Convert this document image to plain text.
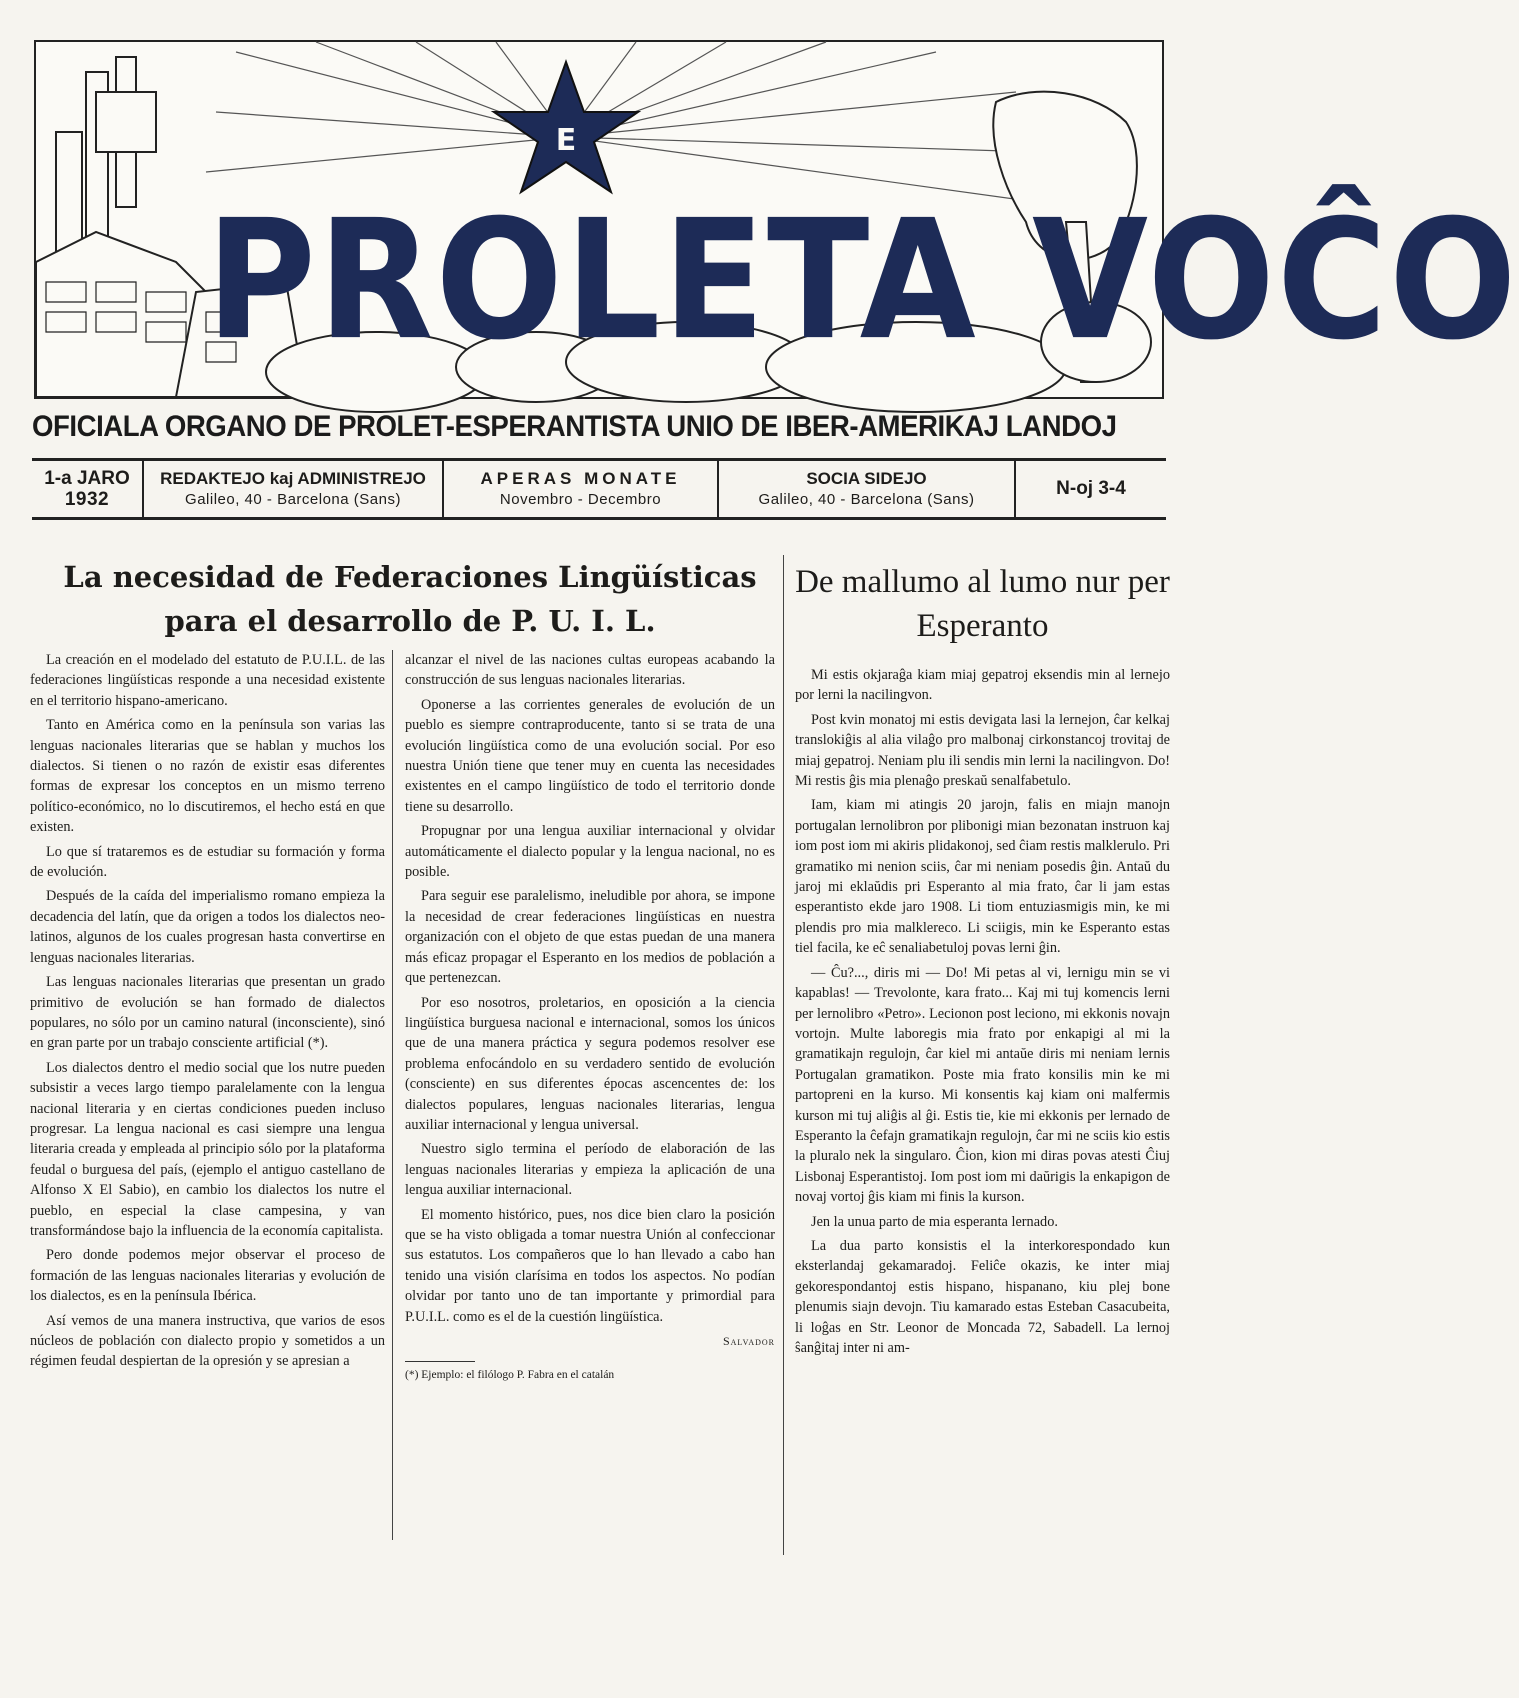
E
PROLETA VOĈO
OFICIALA ORGANO DE PROLET-ESPERANTISTA UNIO DE IBER-AMERIKAJ LANDOJ
1-a JARO
1932
REDAKTEJO kaj ADMINISTREJO
Galileo, 40 - Barcelona (Sans)
APERAS MONATE
Novembro - Decembro
SOCIA SIDEJO
Galileo, 40 - Barcelona (Sans)
N-oj 3-4
La necesidad de Federaciones Lingüísticas para el desarrollo de P. U. I. L.

La creación en el modelado del estatuto de P.U.I.L. de las federaciones lingüísticas responde a una necesidad existente en el territorio hispano-americano.

Tanto en América como en la península son varias las lenguas nacionales literarias que se hablan y muchos los dialectos. Si tienen o no razón de existir esas diferentes formas de expresar los conceptos en un mismo terreno político-económico, no lo discutiremos, el hecho está en que existen.

Lo que sí trataremos es de estudiar su formación y forma de evolución.

Después de la caída del imperialismo romano empieza la decadencia del latín, que da origen a todos los dialectos neo-latinos, algunos de los cuales progresan hasta convertirse en lenguas nacionales literarias.

Las lenguas nacionales literarias que presentan un grado primitivo de evolución se han formado de dialectos populares, no sólo por un camino natural (inconsciente), sinó en gran parte por un trabajo consciente artificial (*).

Los dialectos dentro el medio social que los nutre pueden subsistir a veces largo tiempo paralelamente con la lengua nacional literaria y en ciertas condiciones pueden incluso progresar. La lengua nacional es casi siempre una lengua literaria creada y empleada al principio sólo por la plataforma feudal o burguesa del país, (ejemplo el antiguo castellano de Alfonso X El Sabio), en cambio los dialectos los nutre el pueblo, en especial la clase campesina, y van transformándose bajo la influencia de la economía capitalista.

Pero donde podemos mejor observar el proceso de formación de las lenguas nacionales literarias y evolución de los dialectos, es en la península Ibérica.

Así vemos de una manera instructiva, que varios de esos núcleos de población con dialecto propio y sometidos a un régimen feudal despiertan de la opresión y se apresian a

alcanzar el nivel de las naciones cultas europeas acabando la construcción de sus lenguas nacionales literarias.

Oponerse a las corrientes generales de evolución de un pueblo es siempre contraproducente, tanto si se trata de una evolución lingüística como de una evolución social. Por eso nuestra Unión tiene que tener muy en cuenta las necesidades existentes en el campo lingüístico de todo el territorio donde tiene su desarrollo.

Propugnar por una lengua auxiliar internacional y olvidar automáticamente el dialecto popular y la lengua nacional, no es posible.

Para seguir ese paralelismo, ineludible por ahora, se impone la necesidad de crear federaciones lingüísticas en nuestra organización con el objeto de que estas puedan de una manera más eficaz propagar el Esperanto en los medios de población a que pertenezcan.

Por eso nosotros, proletarios, en oposición a la ciencia lingüística burguesa nacional e internacional, somos los únicos que de una manera práctica y segura podemos resolver ese problema enfocándolo en su verdadero sentido de evolución (consciente) en sus diferentes épocas ascencentes de: los dialectos populares, lenguas nacionales literarias, lengua auxiliar internacional y lengua universal.

Nuestro siglo termina el período de elaboración de las lenguas nacionales literarias y empieza la aplicación de una lengua auxiliar internacional.

El momento histórico, pues, nos dice bien claro la posición que se ha visto obligada a tomar nuestra Unión al confeccionar sus estatutos. Los compañeros que lo han llevado a cabo han tenido una visión clarísima en todos los aspectos. No podían olvidar por tanto uno de tan importante y primordial para P.U.I.L. como es el de la cuestión lingüística.

Salvador
(*) Ejemplo: el filólogo P. Fabra en el catalán
De mallumo al lumo nur per Esperanto

Mi estis okjaraĝa kiam miaj gepatroj eksendis min al lernejo por lerni la nacilingvon.

Post kvin monatoj mi estis devigata lasi la lernejon, ĉar kelkaj translokiĝis al alia vilaĝo pro malbonaj cirkonstancoj trovitaj de miaj gepatroj. Neniam plu ili sendis min lerni la nacilingvon. Do! Mi restis ĝis mia plenaĝo preskaŭ senalfabetulo.

Iam, kiam mi atingis 20 jarojn, falis en miajn manojn portugalan lernolibron por plibonigi mian bezonatan instruon kaj iom post iom mi akiris plidakonoj, sed ĉiam restis malklerulo. Pri gramatiko mi nenion sciis, ĉar mi neniam posedis ĝin. Antaŭ du jaroj mi eklaŭdis pri Esperanto al mia frato, ĉar li jam estas esperantisto ekde jaro 1908. Li tiom entuziasmigis min, ke mi plendis pro mia malklereco. Li sciigis, min ke Esperanto estas tiel facila, ke eĉ senaliabetuloj povas lerni ĝin.

— Ĉu?..., diris mi — Do! Mi petas al vi, lernigu min se vi kapablas! — Trevolonte, kara frato... Kaj mi tuj komencis lerni per lernolibro «Petro». Lecionon post leciono, mi ekkonis novajn vortojn. Multe laboregis mia frato por enkapigi al mi la gramatikajn regulojn, ĉar kiel mi antaŭe diris mi neniam lernis Portugalan gramatikon. Poste mia frato konsilis min ke mi partopreni en la kurso. Mi konsentis kaj kiam oni malfermis kurson mi tuj aliĝis al ĝi. Estis tie, kie mi ekkonis per lernado de Esperanto la ĉefajn gramatikajn regulojn, ĉar mi ne sciis kio estis la pluralo nek la singularo. Ĉion, kion mi diras povas atesti Ĉiuj Lisbonaj Esperantistoj. Iom post iom mi daŭrigis la enkapigon de novaj vortoj ĝis kiam mi finis la kurson.

Jen la unua parto de mia esperanta lernado.

La dua parto konsistis el la interkorespondado kun eksterlandaj gekamaradoj. Feliĉe okazis, ke inter miaj gekorespondantoj estis hispano, hispanano, kiu plej bone plenumis siajn devojn. Tiu kamarado estas Esteban Casacubeita, li loĝas en Str. Leonor de Moncada 72, Sabadell. La lernoj ŝanĝitaj inter ni am-
